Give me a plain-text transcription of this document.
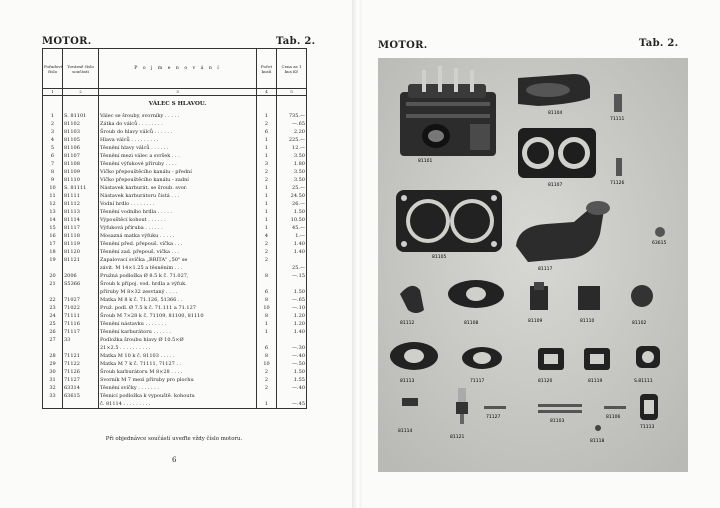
MOTOR.	Tab. 2.
Pořadové číslo	Továrně číslo součásti	P o j m e n o v á n í	Počet kusů	Cena za 1 kus Kč
1	2	3	4	5
		VÁLEC S HLAVOU.		
1	S. 81101	Válec se šrouby, svorníky . . . . .	1	735.—
2	81102	Zátka do válců . . . . . . . .	2	—.65
3	81103	Šroub do hlavy válců . . . . . .	6	2.20
4	81105	Hlava válců . . . . . . . . .	1	225.—
5	81106	Těsnění hlavy válců . . . . . .	1	12.—
6	81107	Těsnění mezi válec a svršek . . .	1	3.50
7	81108	Těsnění výfukové příruby . . . .	3	1.80
8	81109	Víčko přepouštěcího kanálu - přední	2	3.50
9	81110	Víčko přepouštěcího kanálu - zadní	2	3.50
10	S. 81111	Nástavek karburát. se šroub. svor.	1	25.—
11	81111	Nástavek karburátoru čistá . . .	1	24.50
12	81112	Vodní hrdlo . . . . . . . .	1	26.—
13	81113	Těsnění vodního hrdla . . . . .	1	1.50
14	81114	Výpouštěcí kohout . . . . . .	1	10.50
15	81117	Výfuková příruba . . . . . .	1	45.—
16	81118	Mosazná matka výfuku . . . . .	4	1.—
17	81119	Těsnění před. přepouš. víčka . . .	2	1.40
18	81120	Těsnění zad. přepouš. víčka . . .	2	1.40
19	81121	Zapalovací svíčka „BRITA" „50" se	2	
		závit. M 14×1.25 a těsněním . . .		25.—
20	2006	Pružná podložka Ø 8.5 k č. 71.027,	8	—.15
21	S5366	Šroub k přípoj. vod. hrdla a výfuk.		
		příruby M 8×32 zesvtaný . . . .	6	1.50
22	71027	Matka M 8 k č. 71.126, 51366 . .	8	—.65
23	71022	Pruž. podl. Ø 7.5 k č. 71.111 a 71.127	10	—.10
24	71111	Šroub M 7×28 k č. 71109, 81100, 81110	8	1.20
25	71116	Těsnění nástavku . . . . . . .	1	1.20
26	71117	Těsnění karburátoru . . . . . .	1	1.40
27	33	Podložka šroubu hlavy Ø 10.5×Ø		
		21×2.5 . . . . . . . . . .	6	—.30
28	71121	Matka M 10 k č. 81103 . . . . .	8	—.40
29	71122	Matka M 7 k č. 71111, 71127 . .	10	—.50
30	71126	Šroub karburátoru M 8×28 . . . .	2	1.50
31	71127	Svorník M 7 mezi příruby pro plochu	2	1.55
32	63314	Těsnění svíčky . . . . . . .	2	—.40
33	63615	Těsnicí podložka k vypouště. kohoutu		
		č. 81114 . . . . . . . . .	1	—.45
Při objednávce součástí uveďte vždy číslo motoru.
6
MOTOR.	Tab. 2.
81101
81104
71111
81107	71126
81105
81117
63615
81112	81108	81109	81110	81102
81113	71117	81120	81119	S.81111
81114
81121
71127
81103
81106
71113
81118
